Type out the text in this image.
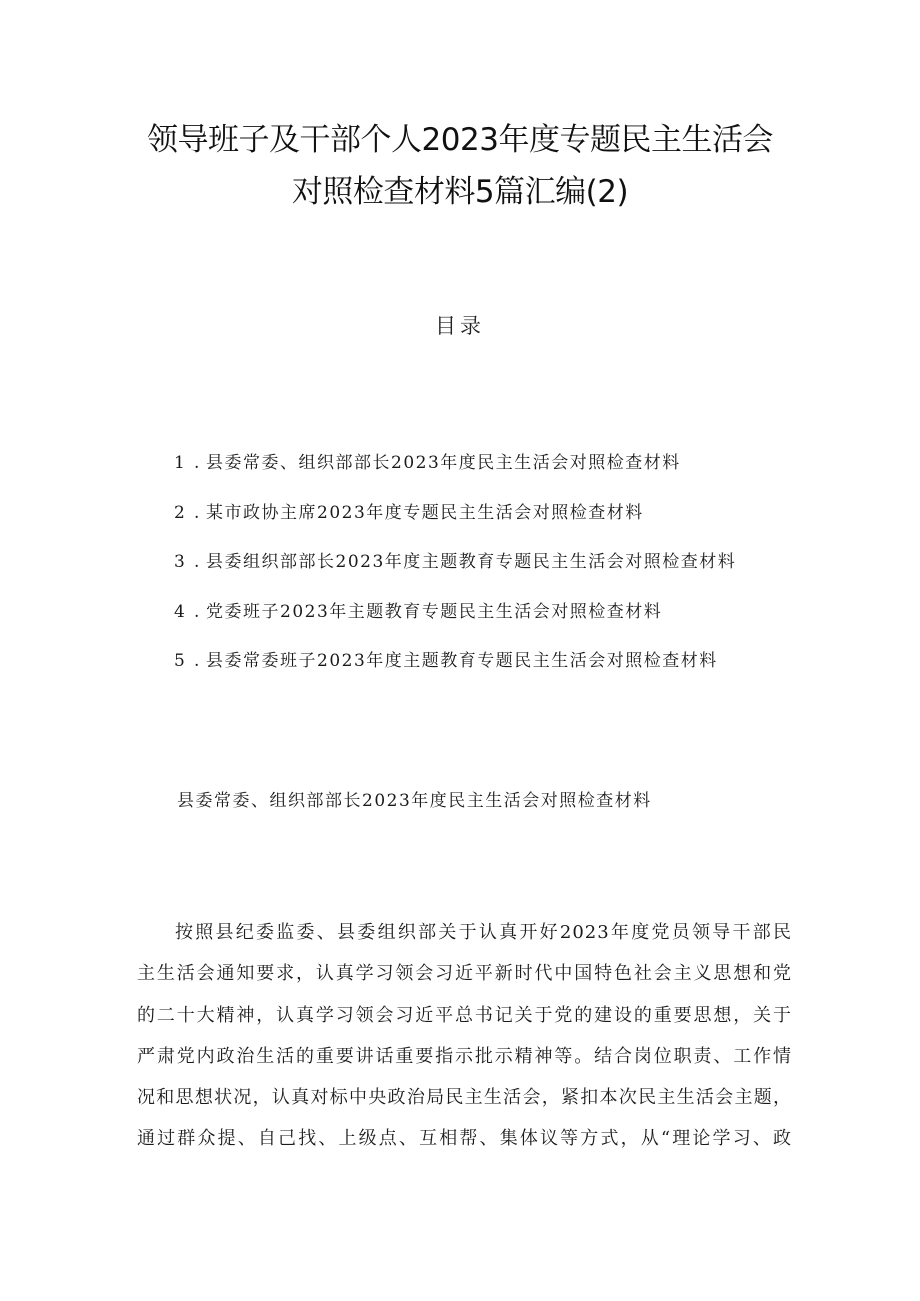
领导班子及干部个人2023年度专题民主生活会
对照检查材料5篇汇编(2)
目录
1 . 县委常委、组织部部长2023年度民主生活会对照检查材料
2 . 某市政协主席2023年度专题民主生活会对照检查材料
3 . 县委组织部部长2023年度主题教育专题民主生活会对照检查材料
4 . 党委班子2023年主题教育专题民主生活会对照检查材料
5 . 县委常委班子2023年度主题教育专题民主生活会对照检查材料
县委常委、组织部部长2023年度民主生活会对照检查材料
按照县纪委监委、县委组织部关于认真开好2023年度党员领导干部民
主生活会通知要求，认真学习领会习近平新时代中国特色社会主义思想和党
的二十大精神，认真学习领会习近平总书记关于党的建设的重要思想，关于
严肃党内政治生活的重要讲话重要指示批示精神等。结合岗位职责、工作情
况和思想状况，认真对标中央政治局民主生活会，紧扣本次民主生活会主题，
通过群众提、自己找、上级点、互相帮、集体议等方式，从“理论学习、政
